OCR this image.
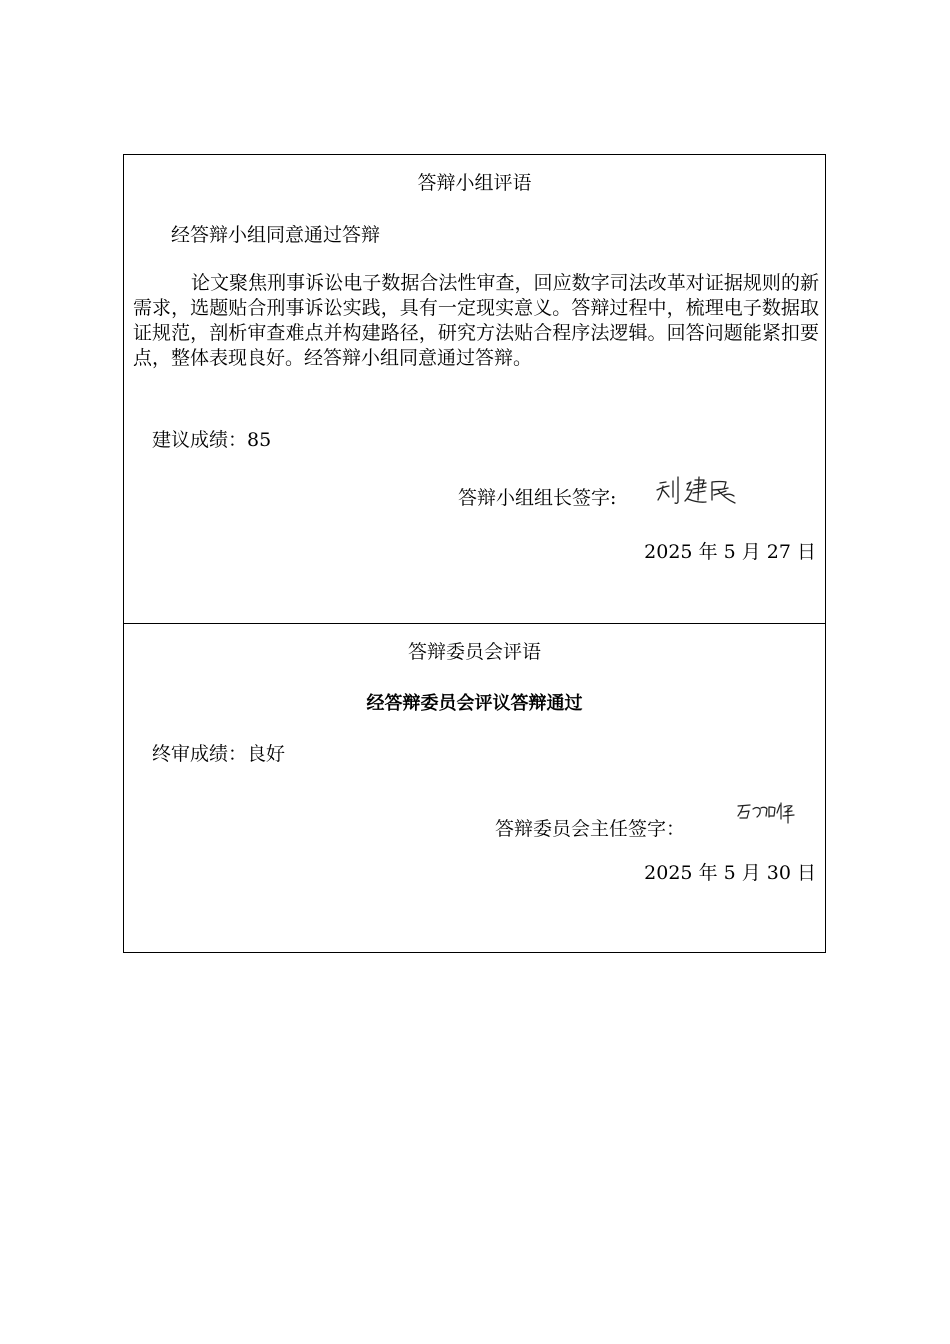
答辩小组评语
经答辩小组同意通过答辩
论文聚焦刑事诉讼电子数据合法性审查，回应数字司法改革对证据规则的新需求，选题贴合刑事诉讼实践，具有一定现实意义。答辩过程中，梳理电子数据取证规范，剖析审查难点并构建路径，研究方法贴合程序法逻辑。回答问题能紧扣要点，整体表现良好。经答辩小组同意通过答辩。
建议成绩：85
答辩小组组长签字:
2025 年 5 月 27 日
答辩委员会评语
经答辩委员会评议答辩通过
终审成绩：良好
答辩委员会主任签字：
2025 年 5 月 30 日
